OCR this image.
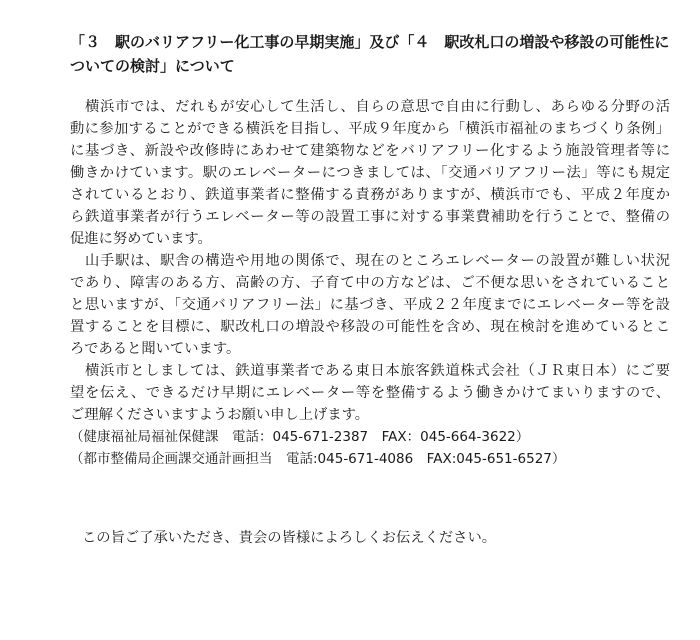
「３　駅のバリアフリー化工事の早期実施」及び「４　駅改札口の増設や移設の可能性に
ついての検討」について
　横浜市では、だれもが安心して生活し、自らの意思で自由に行動し、あらゆる分野の活
動に参加することができる横浜を目指し、平成９年度から「横浜市福祉のまちづくり条例」
に基づき、新設や改修時にあわせて建築物などをバリアフリー化するよう施設管理者等に
働きかけています。駅のエレベーターにつきましては、「交通バリアフリー法」等にも規定
されているとおり、鉄道事業者に整備する責務がありますが、横浜市でも、平成２年度か
ら鉄道事業者が行うエレベーター等の設置工事に対する事業費補助を行うことで、整備の
促進に努めています。
　山手駅は、駅舎の構造や用地の関係で、現在のところエレベーターの設置が難しい状況
であり、障害のある方、高齢の方、子育て中の方などは、ご不便な思いをされていること
と思いますが、「交通バリアフリー法」に基づき、平成２２年度までにエレベーター等を設
置することを目標に、駅改札口の増設や移設の可能性を含め、現在検討を進めているとこ
ろであると聞いています。
　横浜市としましては、鉄道事業者である東日本旅客鉄道株式会社（ＪＲ東日本）にご要
望を伝え、できるだけ早期にエレベーター等を整備するよう働きかけてまいりますので、
ご理解くださいますようお願い申し上げます。
（健康福祉局福祉保健課　電話：045-671-2387　FAX：045-664-3622）
（都市整備局企画課交通計画担当　電話:045-671-4086　FAX:045-651-6527）
この旨ご了承いただき、貴会の皆様によろしくお伝えください。
